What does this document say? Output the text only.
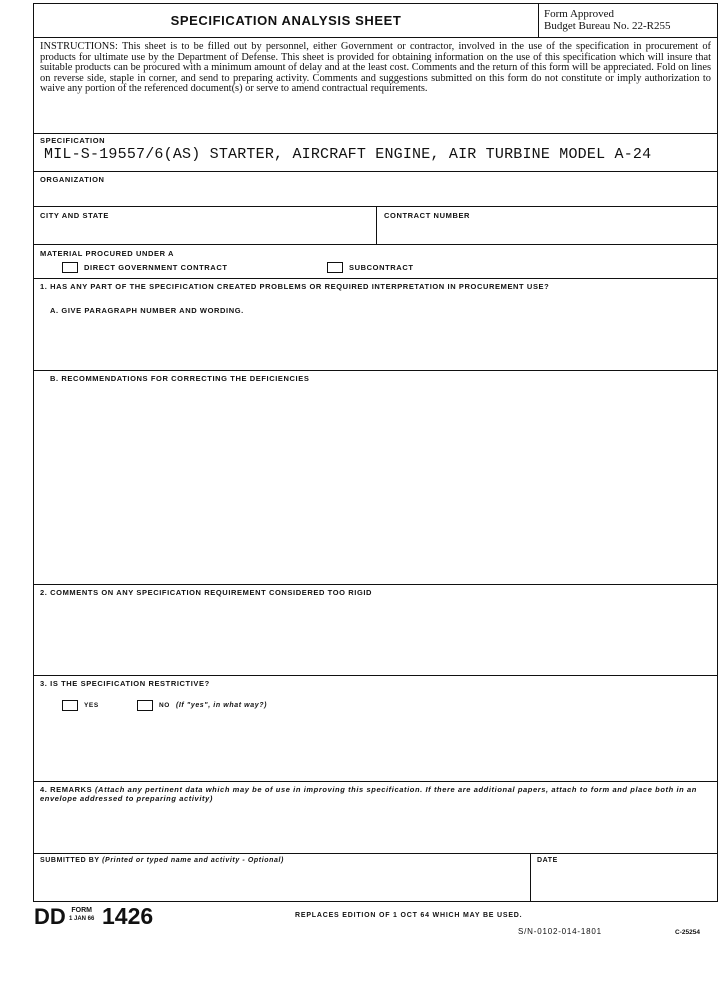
SPECIFICATION ANALYSIS SHEET	Form Approved
Budget Bureau No. 22-R255
INSTRUCTIONS: This sheet is to be filled out by personnel, either Government or contractor, involved in the use of the specification in procurement of products for ultimate use by the Department of Defense. This sheet is provided for obtaining information on the use of this specification which will insure that suitable products can be procured with a minimum amount of delay and at the least cost. Comments and the return of this form will be appreciated. Fold on lines on reverse side, staple in corner, and send to preparing activity. Comments and suggestions submitted on this form do not constitute or imply authorization to waive any portion of the referenced document(s) or serve to amend contractual requirements.
SPECIFICATION
MIL-S-19557/6(AS) STARTER, AIRCRAFT ENGINE, AIR TURBINE MODEL A-24
ORGANIZATION
CITY AND STATE	CONTRACT NUMBER
MATERIAL PROCURED UNDER A
DIRECT GOVERNMENT CONTRACT	SUBCONTRACT
1. HAS ANY PART OF THE SPECIFICATION CREATED PROBLEMS OR REQUIRED INTERPRETATION IN PROCUREMENT USE?
A. GIVE PARAGRAPH NUMBER AND WORDING.
B. RECOMMENDATIONS FOR CORRECTING THE DEFICIENCIES
2. COMMENTS ON ANY SPECIFICATION REQUIREMENT CONSIDERED TOO RIGID
3. IS THE SPECIFICATION RESTRICTIVE?
YES	NO (If "yes", in what way?)
4. REMARKS (Attach any pertinent data which may be of use in improving this specification. If there are additional papers, attach to form and place both in an envelope addressed to preparing activity)
SUBMITTED BY (Printed or typed name and activity - Optional)	DATE
DD FORM
1 JAN 66 1426	REPLACES EDITION OF 1 OCT 64 WHICH MAY BE USED.
S/N-0102-014-1801	C-25254
